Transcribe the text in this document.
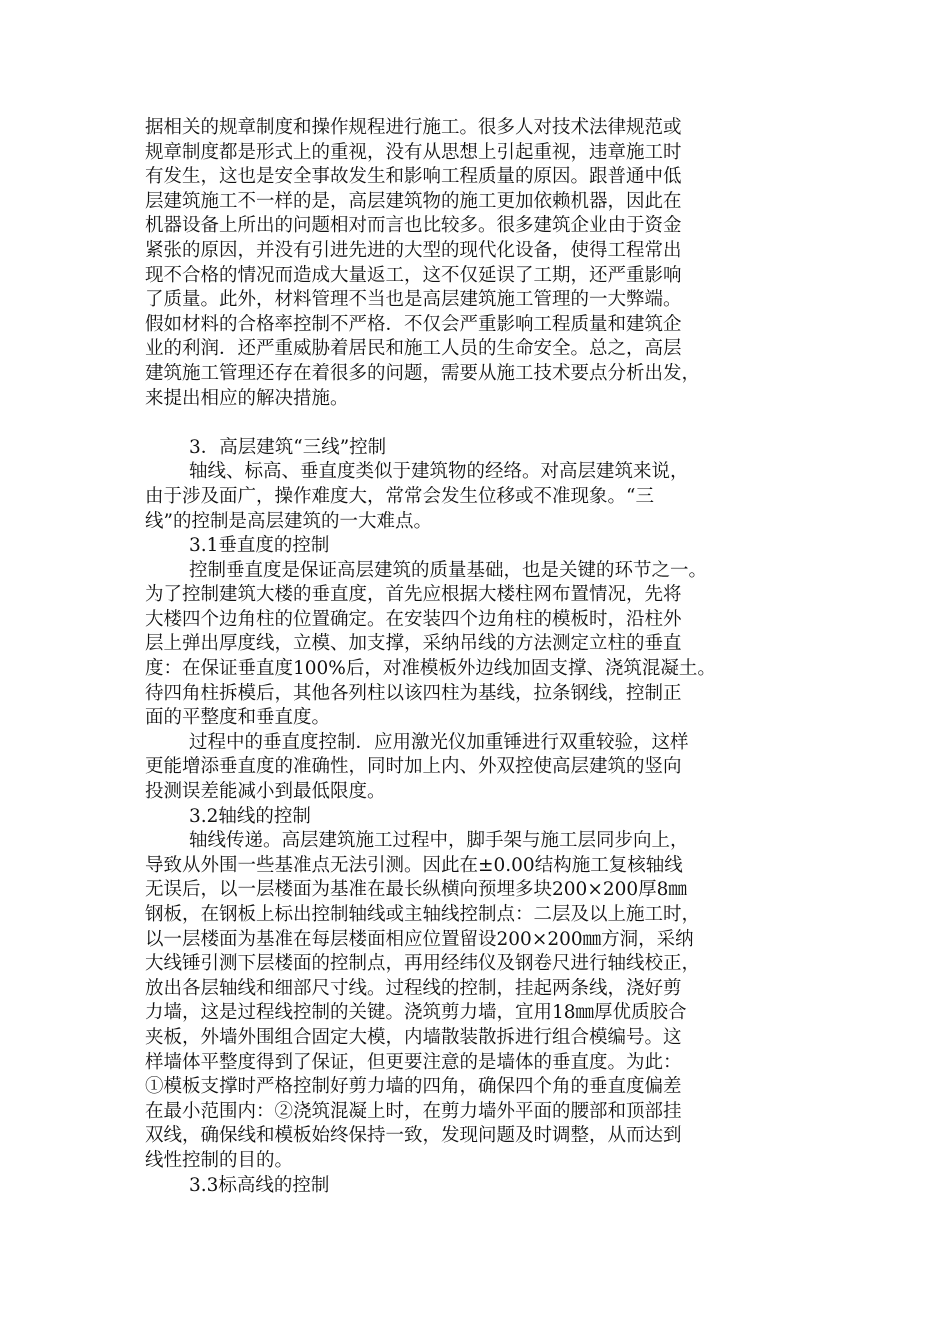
据相关的规章制度和操作规程进行施工。很多人对技术法律规范或
规章制度都是形式上的重视，没有从思想上引起重视，违章施工时
有发生，这也是安全事故发生和影响工程质量的原因。跟普通中低
层建筑施工不一样的是，高层建筑物的施工更加依赖机器，因此在
机器设备上所出的问题相对而言也比较多。很多建筑企业由于资金
紧张的原因，并没有引进先进的大型的现代化设备，使得工程常出
现不合格的情况而造成大量返工，这不仅延误了工期，还严重影响
了质量。此外，材料管理不当也是高层建筑施工管理的一大弊端。
假如材料的合格率控制不严格．不仅会严重影响工程质量和建筑企
业的利润．还严重威胁着居民和施工人员的生命安全。总之，高层
建筑施工管理还存在着很多的问题，需要从施工技术要点分析出发，
来提出相应的解决措施。
3．高层建筑“三线”控制
轴线、标高、垂直度类似于建筑物的经络。对高层建筑来说，
由于涉及面广，操作难度大，常常会发生位移或不准现象。“三
线”的控制是高层建筑的一大难点。
3.1垂直度的控制
控制垂直度是保证高层建筑的质量基础，也是关键的环节之一。
为了控制建筑大楼的垂直度，首先应根据大楼柱网布置情况，先将
大楼四个边角柱的位置确定。在安装四个边角柱的模板时，沿柱外
层上弹出厚度线，立模、加支撑，采纳吊线的方法测定立柱的垂直
度：在保证垂直度100%后，对准模板外边线加固支撑、浇筑混凝土。
待四角柱拆模后，其他各列柱以该四柱为基线，拉条钢线，控制正
面的平整度和垂直度。
过程中的垂直度控制．应用激光仪加重锤进行双重较验，这样
更能增添垂直度的准确性，同时加上内、外双控使高层建筑的竖向
投测误差能减小到最低限度。
3.2轴线的控制
轴线传递。高层建筑施工过程中，脚手架与施工层同步向上，
导致从外围一些基准点无法引测。因此在±0.00结构施工复核轴线
无误后，以一层楼面为基准在最长纵横向预埋多块200×200厚8㎜
钢板，在钢板上标出控制轴线或主轴线控制点：二层及以上施工时，
以一层楼面为基准在每层楼面相应位置留设200×200㎜方洞，采纳
大线锤引测下层楼面的控制点，再用经纬仪及钢卷尺进行轴线校正，
放出各层轴线和细部尺寸线。过程线的控制，挂起两条线，浇好剪
力墙，这是过程线控制的关键。浇筑剪力墙，宜用18㎜厚优质胶合
夹板，外墙外围组合固定大模，内墙散装散拆进行组合模编号。这
样墙体平整度得到了保证，但更要注意的是墙体的垂直度。为此：
①模板支撑时严格控制好剪力墙的四角，确保四个角的垂直度偏差
在最小范围内：②浇筑混凝上时，在剪力墙外平面的腰部和顶部挂
双线，确保线和模板始终保持一致，发现问题及时调整，从而达到
线性控制的目的。
3.3标高线的控制
